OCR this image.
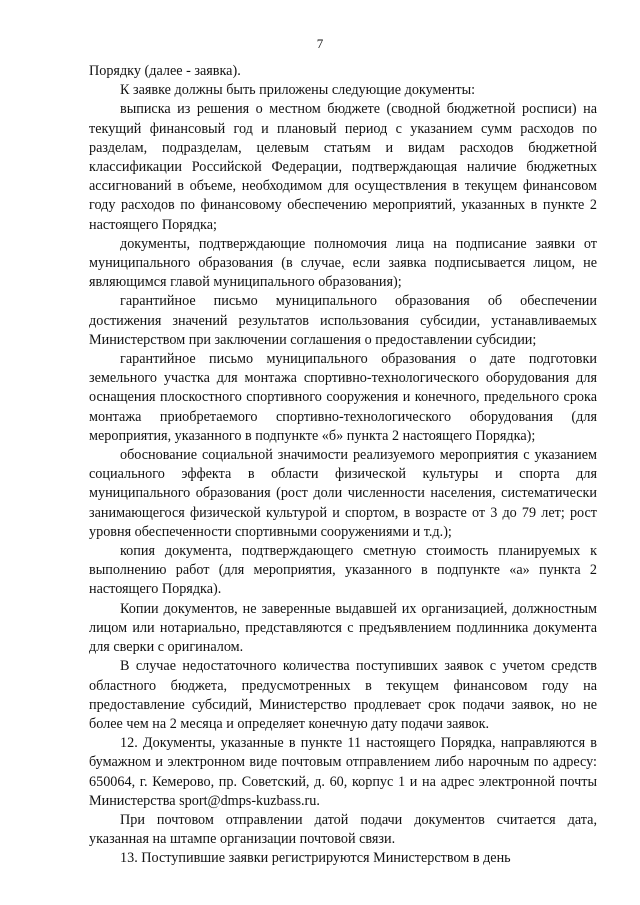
7

Порядку (далее - заявка).

К заявке должны быть приложены следующие документы:

выписка из решения о местном бюджете (сводной бюджетной росписи) на текущий финансовый год и плановый период с указанием сумм расходов по разделам, подразделам, целевым статьям и видам расходов бюджетной классификации Российской Федерации, подтверждающая наличие бюджетных ассигнований в объеме, необходимом для осуществления в текущем финансовом году расходов по финансовому обеспечению мероприятий, указанных в пункте 2 настоящего Порядка;

документы, подтверждающие полномочия лица на подписание заявки от муниципального образования (в случае, если заявка подписывается лицом, не являющимся главой муниципального образования);

гарантийное письмо муниципального образования об обеспечении достижения значений результатов использования субсидии, устанавливаемых Министерством при заключении соглашения о предоставлении субсидии;

гарантийное письмо муниципального образования о дате подготовки земельного участка для монтажа спортивно-технологического оборудования для оснащения плоскостного спортивного сооружения и конечного, предельного срока монтажа приобретаемого спортивно-технологического оборудования (для мероприятия, указанного в подпункте «б» пункта 2 настоящего Порядка);

обоснование социальной значимости реализуемого мероприятия с указанием социального эффекта в области физической культуры и спорта для муниципального образования (рост доли численности населения, систематически занимающегося физической культурой и спортом, в возрасте от 3 до 79 лет; рост уровня обеспеченности спортивными сооружениями и т.д.);

копия документа, подтверждающего сметную стоимость планируемых к выполнению работ (для мероприятия, указанного в подпункте «а» пункта 2 настоящего Порядка).

Копии документов, не заверенные выдавшей их организацией, должностным лицом или нотариально, представляются с предъявлением подлинника документа для сверки с оригиналом.

В случае недостаточного количества поступивших заявок с учетом средств областного бюджета, предусмотренных в текущем финансовом году на предоставление субсидий, Министерство продлевает срок подачи заявок, но не более чем на 2 месяца и определяет конечную дату подачи заявок.

12. Документы, указанные в пункте 11 настоящего Порядка, направляются в бумажном и электронном виде почтовым отправлением либо нарочным по адресу: 650064, г. Кемерово, пр. Советский, д. 60, корпус 1 и на адрес электронной почты Министерства sport@dmps-kuzbass.ru.

При почтовом отправлении датой подачи документов считается дата, указанная на штампе организации почтовой связи.

13. Поступившие заявки регистрируются Министерством в день
